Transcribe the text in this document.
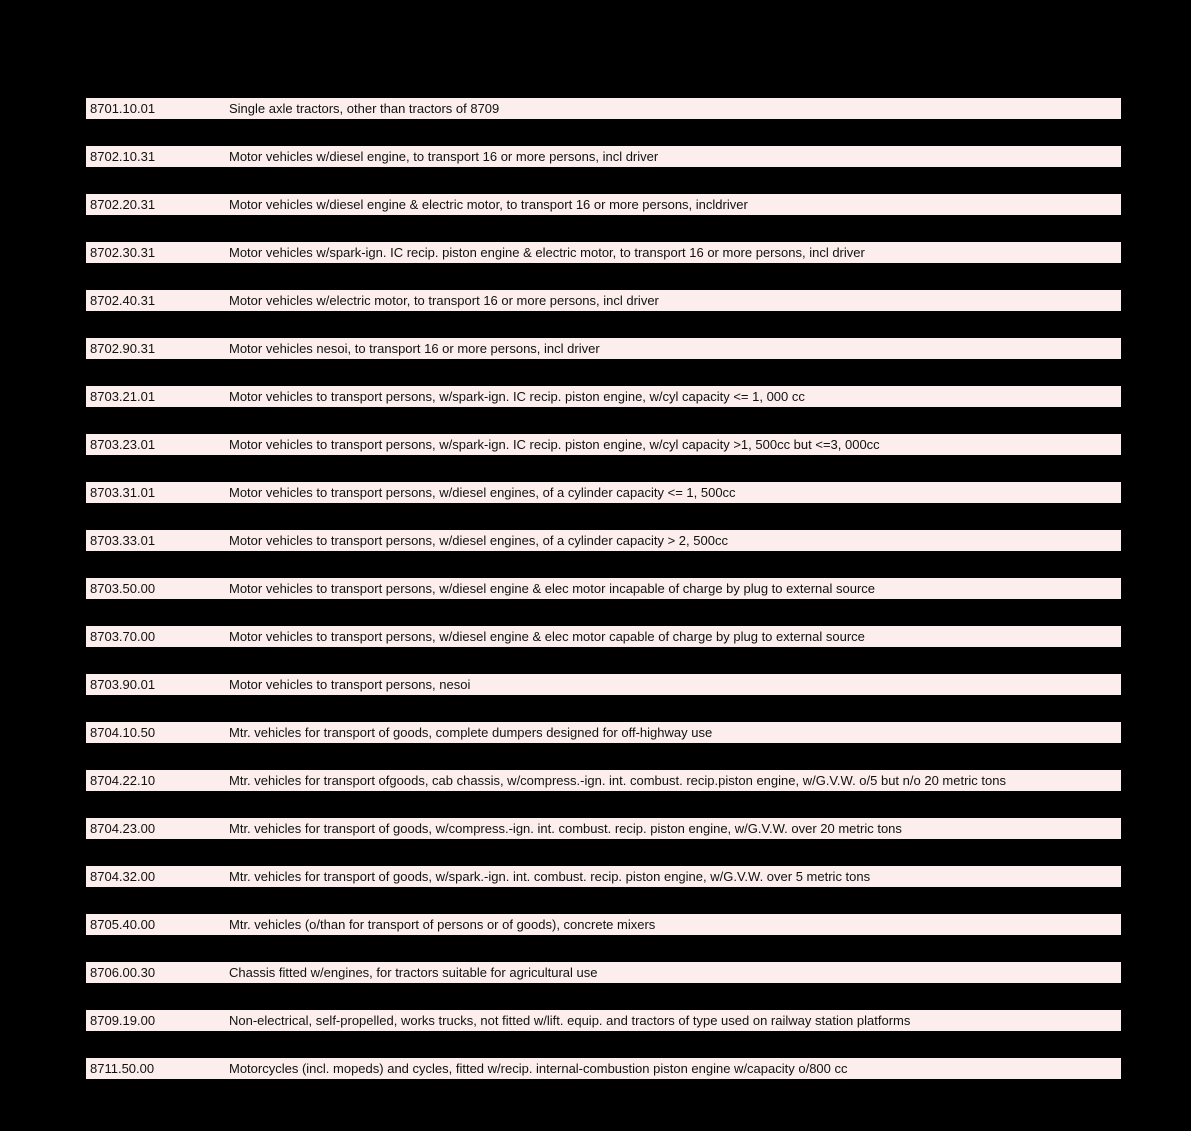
8701.10.01	Single axle tractors, other than tractors of 8709
8702.10.31	Motor vehicles w/diesel engine, to transport 16 or more persons, incl driver
8702.20.31	Motor vehicles w/diesel engine & electric motor, to transport 16 or more persons, incldriver
8702.30.31	Motor vehicles w/spark-ign. IC recip. piston engine & electric motor, to transport 16 or more persons, incl driver
8702.40.31	Motor vehicles w/electric motor, to transport 16 or more persons, incl driver
8702.90.31	Motor vehicles nesoi, to transport 16 or more persons, incl driver
8703.21.01	Motor vehicles to transport persons, w/spark-ign. IC recip. piston engine, w/cyl capacity <= 1, 000 cc
8703.23.01	Motor vehicles to transport persons, w/spark-ign. IC recip. piston engine, w/cyl capacity >1, 500cc but <=3, 000cc
8703.31.01	Motor vehicles to transport persons, w/diesel engines, of a cylinder capacity <= 1, 500cc
8703.33.01	Motor vehicles to transport persons, w/diesel engines, of a cylinder capacity > 2, 500cc
8703.50.00	Motor vehicles to transport persons, w/diesel engine & elec motor incapable of charge by plug to external source
8703.70.00	Motor vehicles to transport persons, w/diesel engine & elec motor capable of charge by plug to external source
8703.90.01	Motor vehicles to transport persons, nesoi
8704.10.50	Mtr. vehicles for transport of goods, complete dumpers designed for off-highway use
8704.22.10	Mtr. vehicles for transport ofgoods, cab chassis, w/compress.-ign. int. combust. recip.piston engine, w/G.V.W. o/5 but n/o 20 metric tons
8704.23.00	Mtr. vehicles for transport of goods, w/compress.-ign. int. combust. recip. piston engine, w/G.V.W. over 20 metric tons
8704.32.00	Mtr. vehicles for transport of goods, w/spark.-ign. int. combust. recip. piston engine, w/G.V.W. over 5 metric tons
8705.40.00	Mtr. vehicles (o/than for transport of persons or of goods), concrete mixers
8706.00.30	Chassis fitted w/engines, for tractors suitable for agricultural use
8709.19.00	Non-electrical, self-propelled, works trucks, not fitted w/lift. equip. and tractors of type used on railway station platforms
8711.50.00	Motorcycles (incl. mopeds) and cycles, fitted w/recip. internal-combustion piston engine w/capacity o/800 cc
